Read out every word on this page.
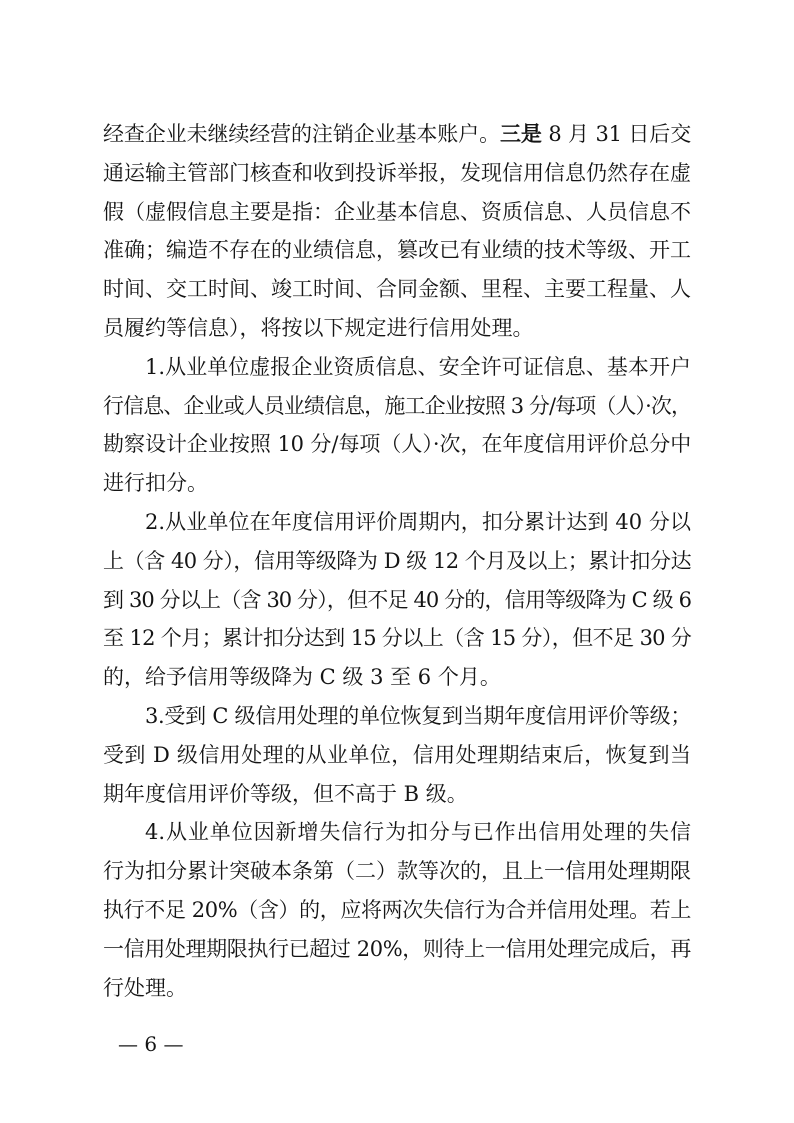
经查企业未继续经营的注销企业基本账户。三是 8 月 31 日后交
通运输主管部门核查和收到投诉举报，发现信用信息仍然存在虚
假（虚假信息主要是指：企业基本信息、资质信息、人员信息不
准确；编造不存在的业绩信息，篡改已有业绩的技术等级、开工
时间、交工时间、竣工时间、合同金额、里程、主要工程量、人
员履约等信息），将按以下规定进行信用处理。
1.从业单位虚报企业资质信息、安全许可证信息、基本开户
行信息、企业或人员业绩信息，施工企业按照 3 分/每项（人）·次，
勘察设计企业按照 10 分/每项（人）·次，在年度信用评价总分中
进行扣分。
2.从业单位在年度信用评价周期内，扣分累计达到 40 分以
上（含 40 分），信用等级降为 D 级 12 个月及以上；累计扣分达
到 30 分以上（含 30 分），但不足 40 分的，信用等级降为 C 级 6
至 12 个月；累计扣分达到 15 分以上（含 15 分），但不足 30 分
的，给予信用等级降为 C 级 3 至 6 个月。
3.受到 C 级信用处理的单位恢复到当期年度信用评价等级；
受到 D 级信用处理的从业单位，信用处理期结束后，恢复到当
期年度信用评价等级，但不高于 B 级。
4.从业单位因新增失信行为扣分与已作出信用处理的失信
行为扣分累计突破本条第（二）款等次的，且上一信用处理期限
执行不足 20%（含）的，应将两次失信行为合并信用处理。若上
一信用处理期限执行已超过 20%，则待上一信用处理完成后，再
行处理。
— 6 —
